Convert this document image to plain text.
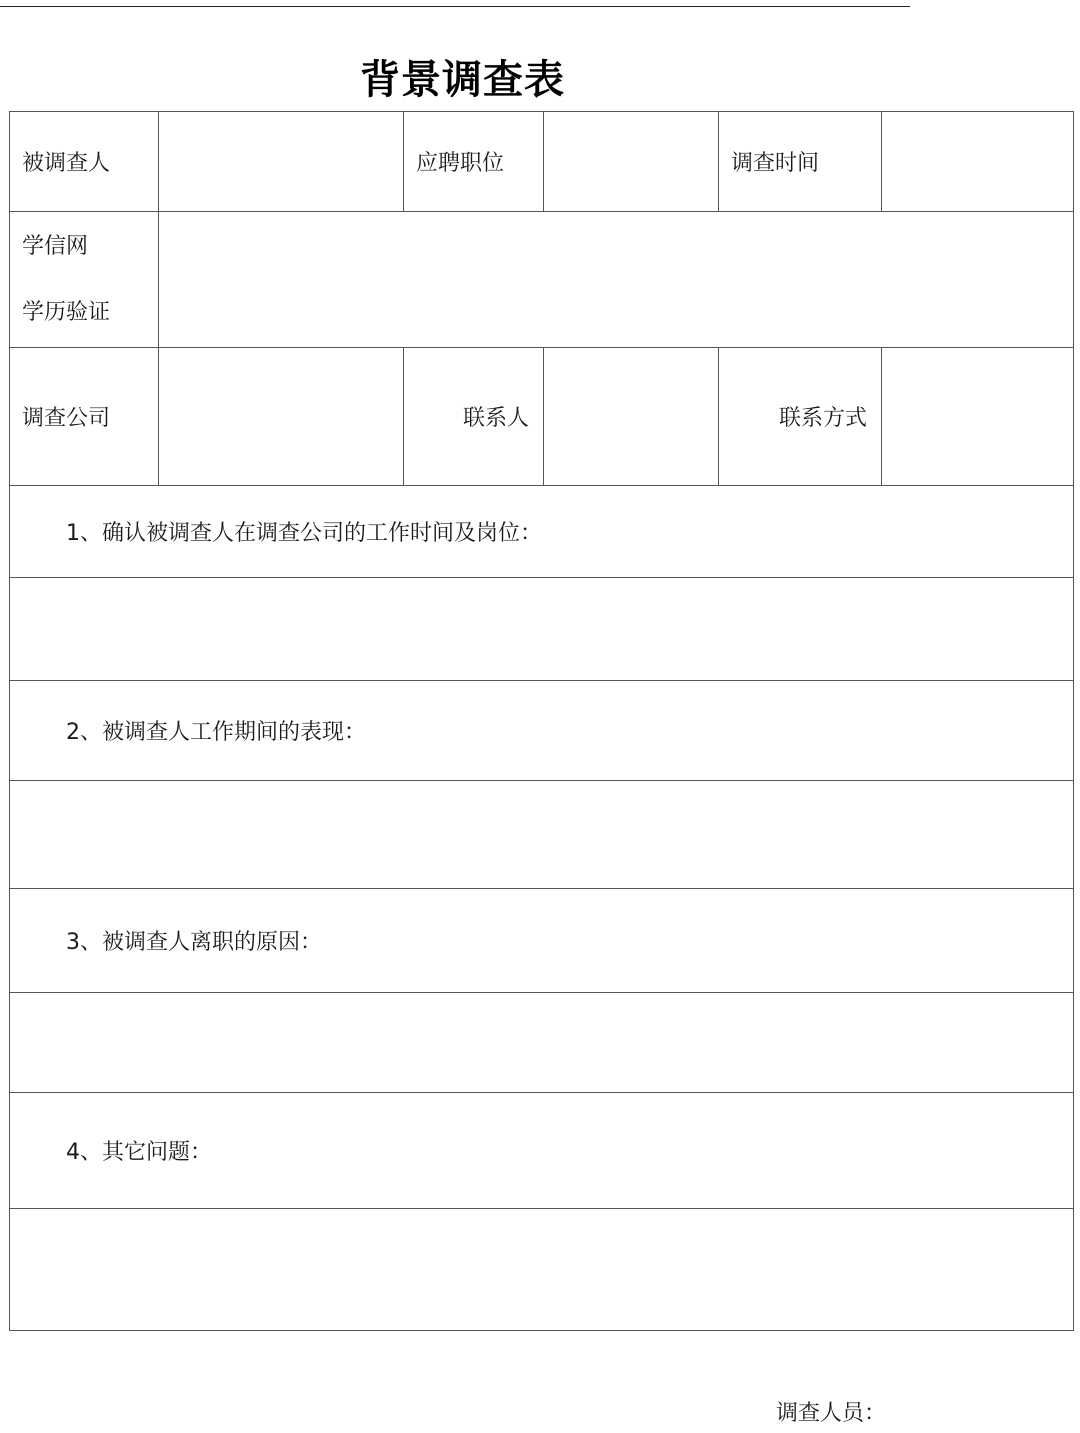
背景调查表
被调查人		应聘职位		调查时间	

学信网
学历验证					

调查公司		联系人		联系方式	
1、确认被调查人在调查公司的工作时间及岗位：					

2、被调查人工作期间的表现：					

3、被调查人离职的原因：					

4、其它问题：					

调查人员：
